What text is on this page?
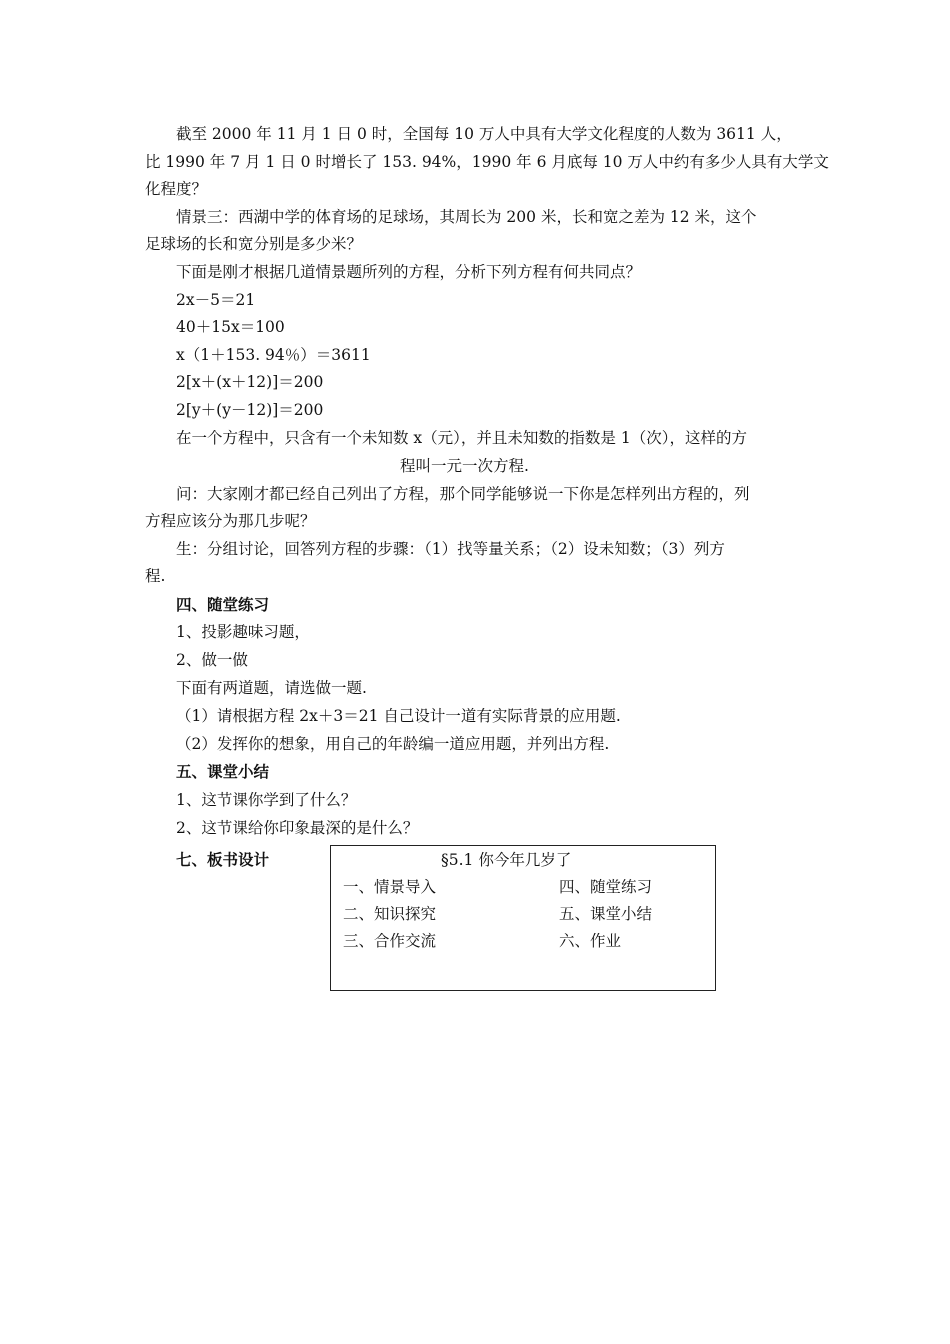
截至 2000 年 11 月 1 日 0 时，全国每 10 万人中具有大学文化程度的人数为 3611 人，
比 1990 年 7 月 1 日 0 时增长了 153. 94%，1990 年 6 月底每 10 万人中约有多少人具有大学文
化程度？
情景三：西湖中学的体育场的足球场，其周长为 200 米，长和宽之差为 12 米，这个
足球场的长和宽分别是多少米？
下面是刚才根据几道情景题所列的方程，分析下列方程有何共同点？
2x－5＝21
40＋15x＝100
x（1＋153. 94％）＝3611
2[x＋(x＋12)]＝200
2[y＋(y－12)]＝200
在一个方程中，只含有一个未知数 x（元），并且未知数的指数是 1（次），这样的方
程叫一元一次方程.
问：大家刚才都已经自己列出了方程，那个同学能够说一下你是怎样列出方程的，列
方程应该分为那几步呢？
生：分组讨论，回答列方程的步骤：（1）找等量关系；（2）设未知数；（3）列方
程.
四、随堂练习
1、投影趣味习题，
2、做一做
下面有两道题，请选做一题.
（1）请根据方程 2x＋3＝21 自己设计一道有实际背景的应用题.
（2）发挥你的想象，用自己的年龄编一道应用题，并列出方程.
五、课堂小结
1、这节课你学到了什么？
2、这节课给你印象最深的是什么？
七、板书设计	§5.1 你今年几岁了
一、情景导入
二、知识探究
三、合作交流
四、随堂练习
五、课堂小结
六、作业
